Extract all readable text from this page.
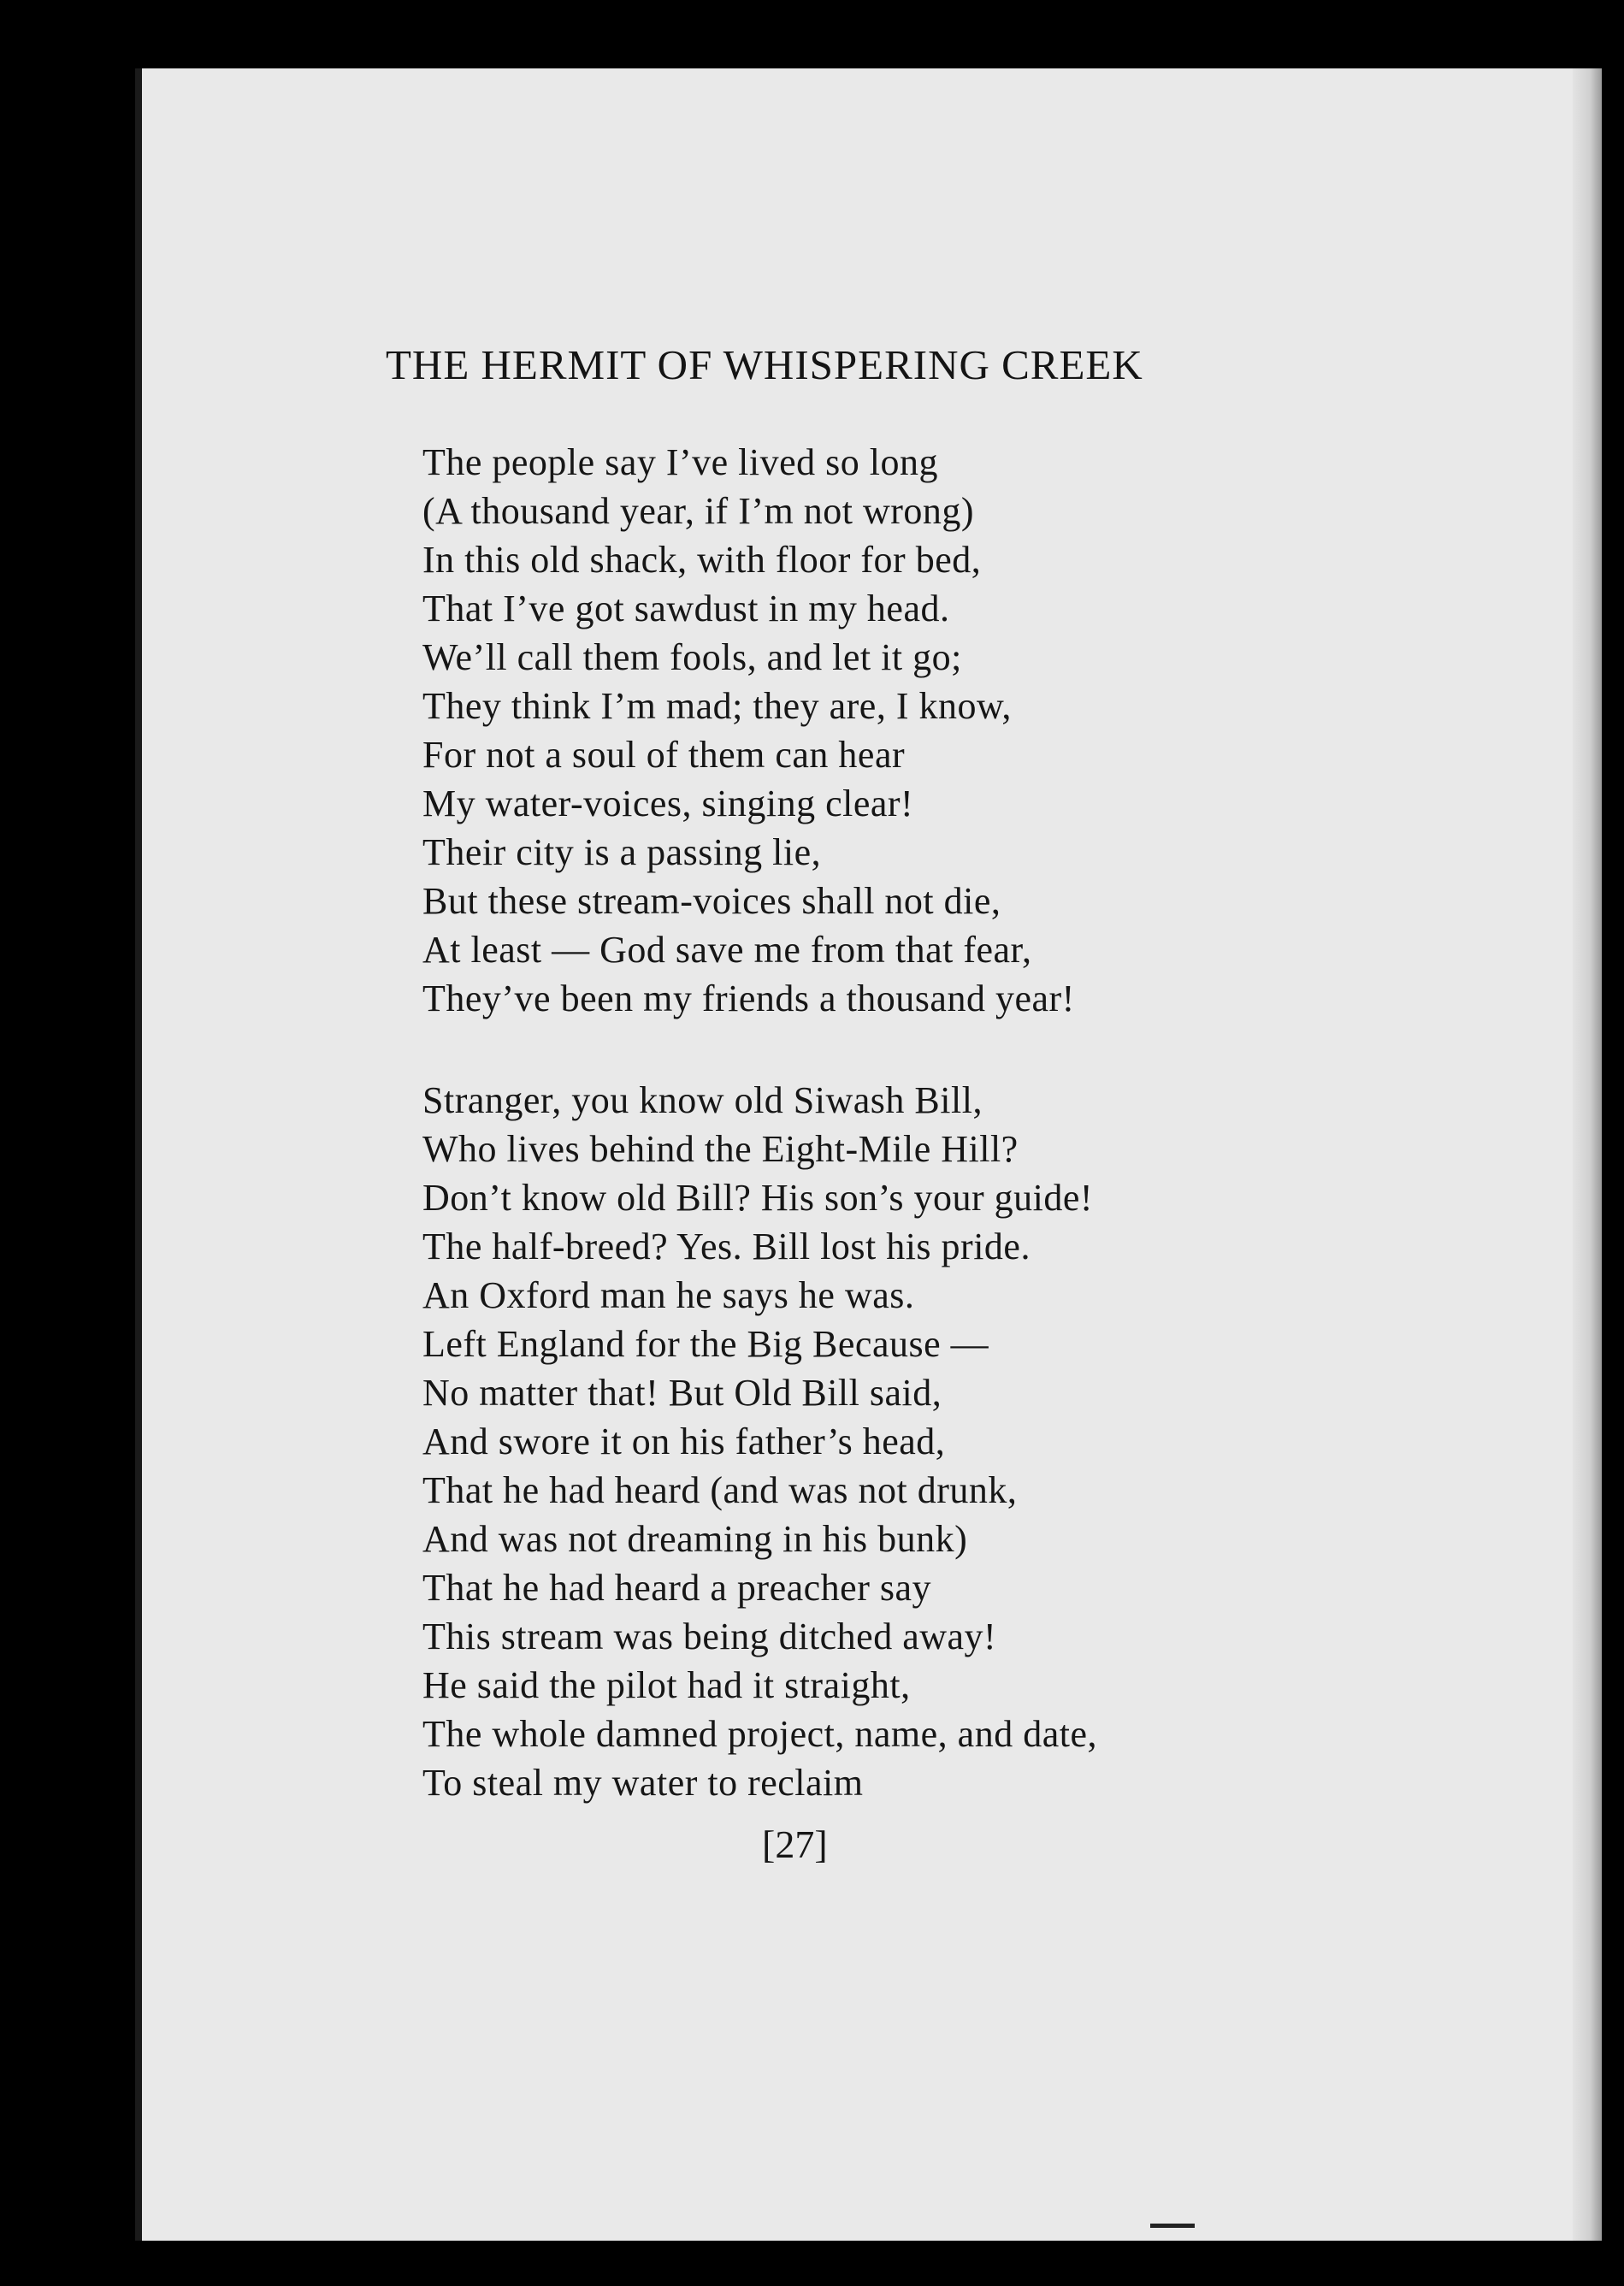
THE HERMIT OF WHISPERING CREEK
The people say I’ve lived so long
(A thousand year, if I’m not wrong)
In this old shack, with floor for bed,
That I’ve got sawdust in my head.
We’ll call them fools, and let it go;
They think I’m mad; they are, I know,
For not a soul of them can hear
My water-voices, singing clear!
Their city is a passing lie,
But these stream-voices shall not die,
At least — God save me from that fear,
They’ve been my friends a thousand year!
Stranger, you know old Siwash Bill,
Who lives behind the Eight-Mile Hill?
Don’t know old Bill? His son’s your guide!
The half-breed? Yes. Bill lost his pride.
An Oxford man he says he was.
Left England for the Big Because —
No matter that! But Old Bill said,
And swore it on his father’s head,
That he had heard (and was not drunk,
And was not dreaming in his bunk)
That he had heard a preacher say
This stream was being ditched away!
He said the pilot had it straight,
The whole damned project, name, and date,
To steal my water to reclaim

[27]
